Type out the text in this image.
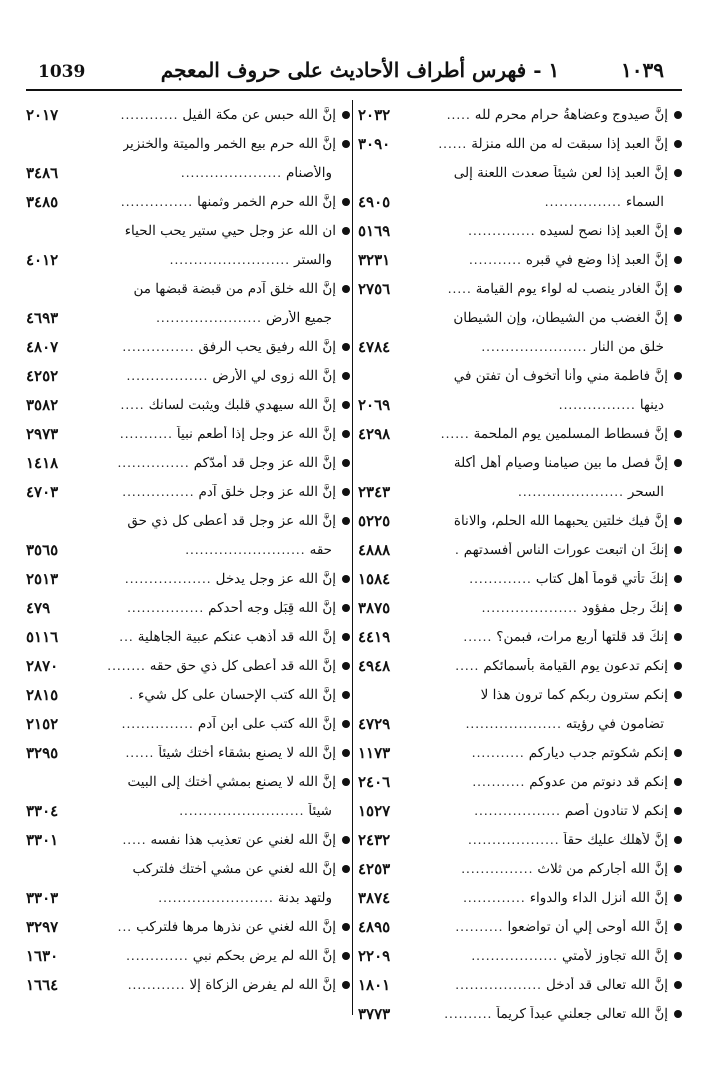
١٠٣٩
١ - فهرس أطراف الأحاديث على حروف المعجم
1039
إنَّ صيدوج وعضاهةُ حرام محرم لله
.....
٢٠٣٢
إنَّ العبد إذا سبقت له من الله منزلة
......
٣٠٩٠
إنَّ العبد إذا لعن شيئاً صعدت اللعنة إلى
السماء
................
٤٩٠٥
إنَّ العبد إذا نصح لسيده
..............
٥١٦٩
إنَّ العبد إذا وضع في قبره
...........
٣٢٣١
إنَّ الغادر ينصب له لواء يوم القيامة
.....
٢٧٥٦
إنَّ الغضب من الشيطان، وإن الشيطان
خلق من النار
......................
٤٧٨٤
إنَّ فاطمة مني وأنا أتخوف أن تفتن في
دينها
................
٢٠٦٩
إنَّ فسطاط المسلمين يوم الملحمة
......
٤٢٩٨
إنَّ فصل ما بين صيامنا وصيام أهل أكلة
السحر
......................
٢٣٤٣
إنَّ فيك خلتين يحبهما الله الحلم، والاناة
٥٢٢٥
إنكَ ان اتبعت عورات الناس أفسدتهم
.
٤٨٨٨
إنكَ تأتي قوماً أهل كتاب
.............
١٥٨٤
إنكَ رجل مفؤود
....................
٣٨٧٥
إنكَ قد قلتها أربع مرات، فبمن؟
......
٤٤١٩
إنكم تدعون يوم القيامة بأسمائكم
.....
٤٩٤٨
إنكم سترون ربكم كما ترون هذا لا
تضامون في رؤيته
....................
٤٧٢٩
إنكم شكوتم جدب دياركم
...........
١١٧٣
إنكم قد دنوتم من عدوكم
...........
٢٤٠٦
إنكم لا تنادون أصم
..................
١٥٢٧
إنَّ لأهلك عليك حقاً
...................
٢٤٣٢
إنَّ الله أجاركم من ثلاث
...............
٤٢٥٣
إنَّ الله أنزل الداء والدواء
.............
٣٨٧٤
إنَّ الله أوحى إلي أن تواضعوا
..........
٤٨٩٥
إنَّ الله تجاوز لأمتي
..................
٢٢٠٩
إنَّ الله تعالى قد أدخل
..................
١٨٠١
إنَّ الله تعالى جعلني عبداً كريماً
..........
٣٧٧٣
إنَّ الله حبس عن مكة الفيل
............
٢٠١٧
إنَّ الله حرم بيع الخمر والميتة والخنزير
والأصنام
.....................
٣٤٨٦
إنَّ الله حرم الخمر وثمنها
...............
٣٤٨٥
ان الله عز وجل حيي ستير يحب الحياء
والستر
.........................
٤٠١٢
إنَّ الله خلق آدم من قبضة قبضها من
جميع الأرض
......................
٤٦٩٣
إنَّ الله رفيق يحب الرفق
...............
٤٨٠٧
إنَّ الله زوى لي الأرض
.................
٤٢٥٢
إنَّ الله سيهدي قلبك ويثبت لسانك
.....
٣٥٨٢
إنَّ الله عز وجل إذا أطعم نبياً
...........
٢٩٧٣
إنَّ الله عز وجل قد أمدّكم
...............
١٤١٨
إنَّ الله عز وجل خلق آدم
...............
٤٧٠٣
إنَّ الله عز وجل قد أعطى كل ذي حق
حقه
.........................
٣٥٦٥
إنَّ الله عز وجل يدخل
..................
٢٥١٣
إنَّ الله قِبَل وجه أحدكم
................
٤٧٩
إنَّ الله قد أذهب عنكم عبية الجاهلية
...
٥١١٦
إنَّ الله قد أعطى كل ذي حق حقه
........
٢٨٧٠
إنَّ الله كتب الإحسان على كل شيء
.
٢٨١٥
إنَّ الله كتب على ابن آدم
...............
٢١٥٢
إنَّ الله لا يصنع بشقاء أختك شيئاً
......
٣٢٩٥
إنَّ الله لا يصنع بمشي أختك إلى البيت
شيئاً
..........................
٣٣٠٤
إنَّ الله لغني عن تعذيب هذا نفسه
.....
٣٣٠١
إنَّ الله لغني عن مشي أختك فلتركب
ولتهد بدنة
........................
٣٣٠٣
إنَّ الله لغني عن نذرها مرها فلتركب
...
٣٢٩٧
إنَّ الله لم يرض بحكم نبي
.............
١٦٣٠
إنَّ الله لم يفرض الزكاة إلا
............
١٦٦٤
